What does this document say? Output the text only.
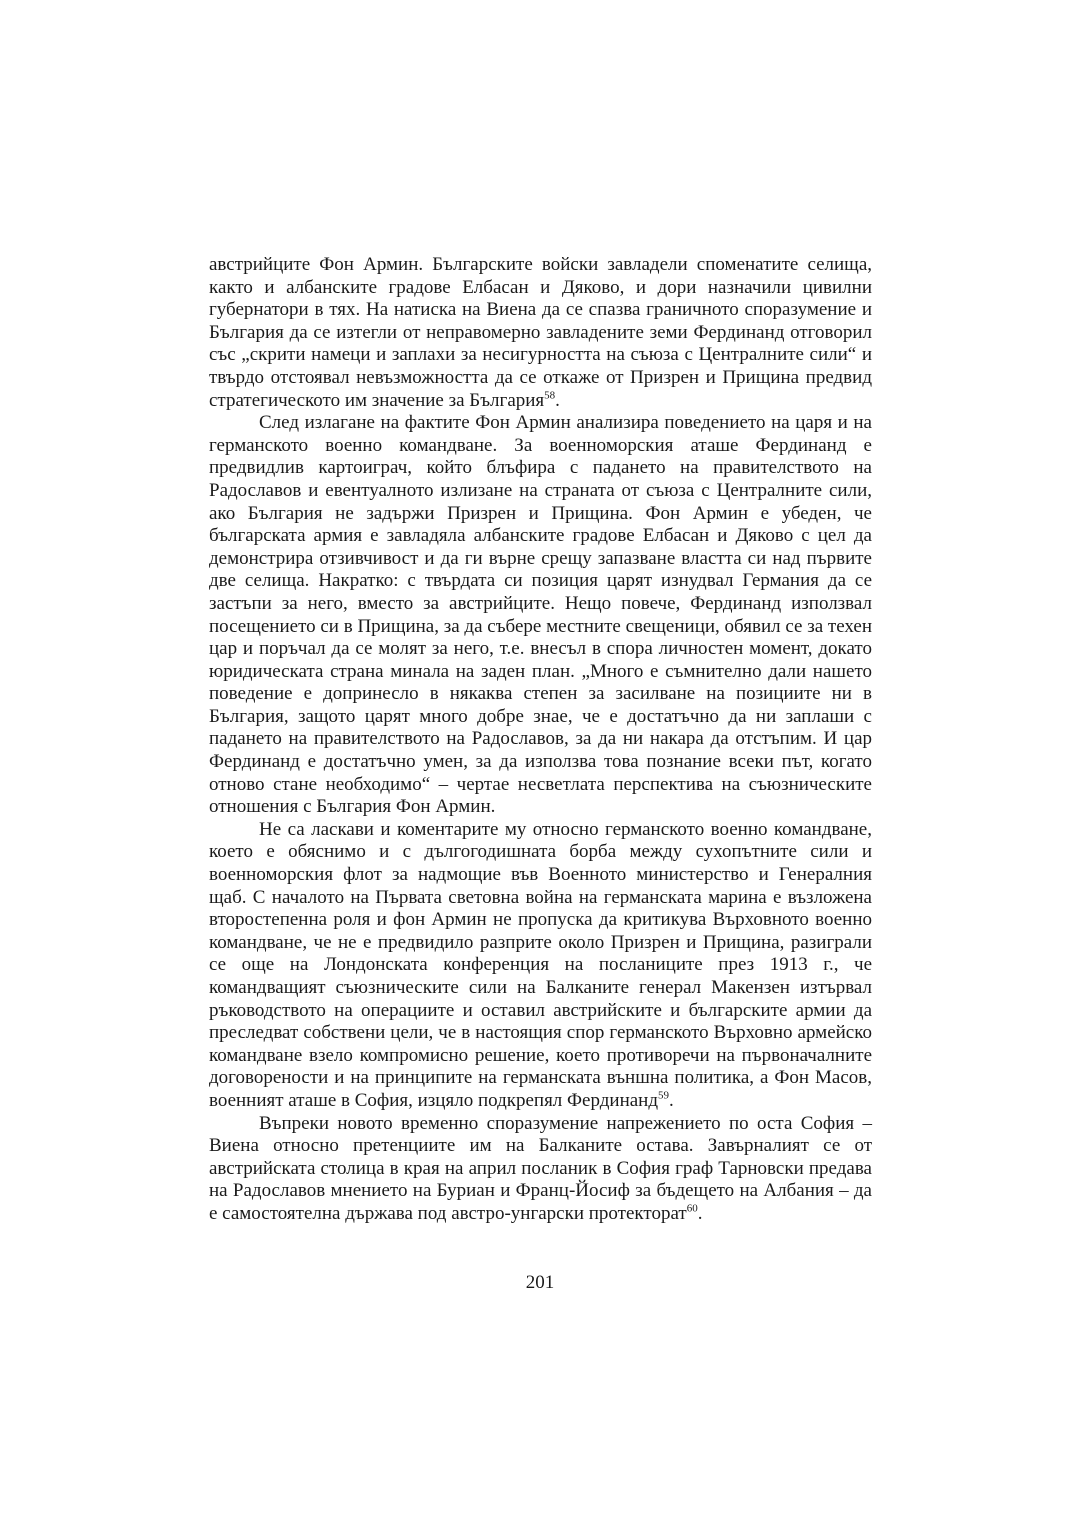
австрийците Фон Армин. Българските войски завладели споменатите селища, както и албанските градове Елбасан и Дяково, и дори назначили цивилни губернатори в тях. На натиска на Виена да се спазва граничното споразумение и България да се изтегли от неправомерно завладените земи Фердинанд отговорил със „скрити намеци и заплахи за несигурността на съюза с Централните сили“ и твърдо отстоявал невъзможността да се откаже от Призрен и Прищина предвид стратегическото им значение за България$^{58}$.

След излагане на фактите Фон Армин анализира поведението на царя и на германското военно командване. За военноморския аташе Фердинанд е предвидлив картоиграч, който блъфира с падането на правителството на Радославов и евентуалното излизане на страната от съюза с Централните сили, ако България не задържи Призрен и Прищина. Фон Армин е убеден, че българската армия е завладяла албанските градове Елбасан и Дяково с цел да демонстрира отзивчивост и да ги върне срещу запазване властта си над първите две селища. Накратко: с твърдата си позиция царят изнудвал Германия да се застъпи за него, вместо за австрийците. Нещо повече, Фердинанд използвал посещението си в Прищина, за да събере местните свещеници, обявил се за техен цар и поръчал да се молят за него, т.е. внесъл в спора личностен момент, докато юридическата страна минала на заден план. „Много е съмнително дали нашето поведение е допринесло в някаква степен за засилване на позициите ни в България, защото царят много добре знае, че е достатъчно да ни заплаши с падането на правителството на Радославов, за да ни накара да отстъпим. И цар Фердинанд е достатъчно умен, за да използва това познание всеки път, когато отново стане необходимо“ – чертае несветлата перспектива на съюзническите отношения с България Фон Армин.

Не са ласкави и коментарите му относно германското военно командване, което е обяснимо и с дългогодишната борба между сухопътните сили и военноморския флот за надмощие във Военното министерство и Генералния щаб. С началото на Първата световна война на германската марина е възложена второстепенна роля и фон Армин не пропуска да критикува Върховното военно командване, че не е предвидило разприте около Призрен и Прищина, разиграли се още на Лондонската конференция на посланиците през 1913 г., че командващият съюзническите сили на Балканите генерал Макензен изтървал ръководството на операциите и оставил австрийските и българските армии да преследват собствени цели, че в настоящия спор германското Върховно армейско командване взело компромисно решение, което противоречи на първоначалните договорености и на принципите на германската външна политика, а Фон Масов, военният аташе в София, изцяло подкрепял Фердинанд$^{59}$.

Въпреки новото временно споразумение напрежението по оста София – Виена относно претенциите им на Балканите остава. Завърналият се от австрийската столица в края на април посланик в София граф Тарновски предава на Радославов мнението на Буриан и Франц-Йосиф за бъдещето на Албания – да е самостоятелна държава под австро-унгарски протекторат$^{60}$.

201
